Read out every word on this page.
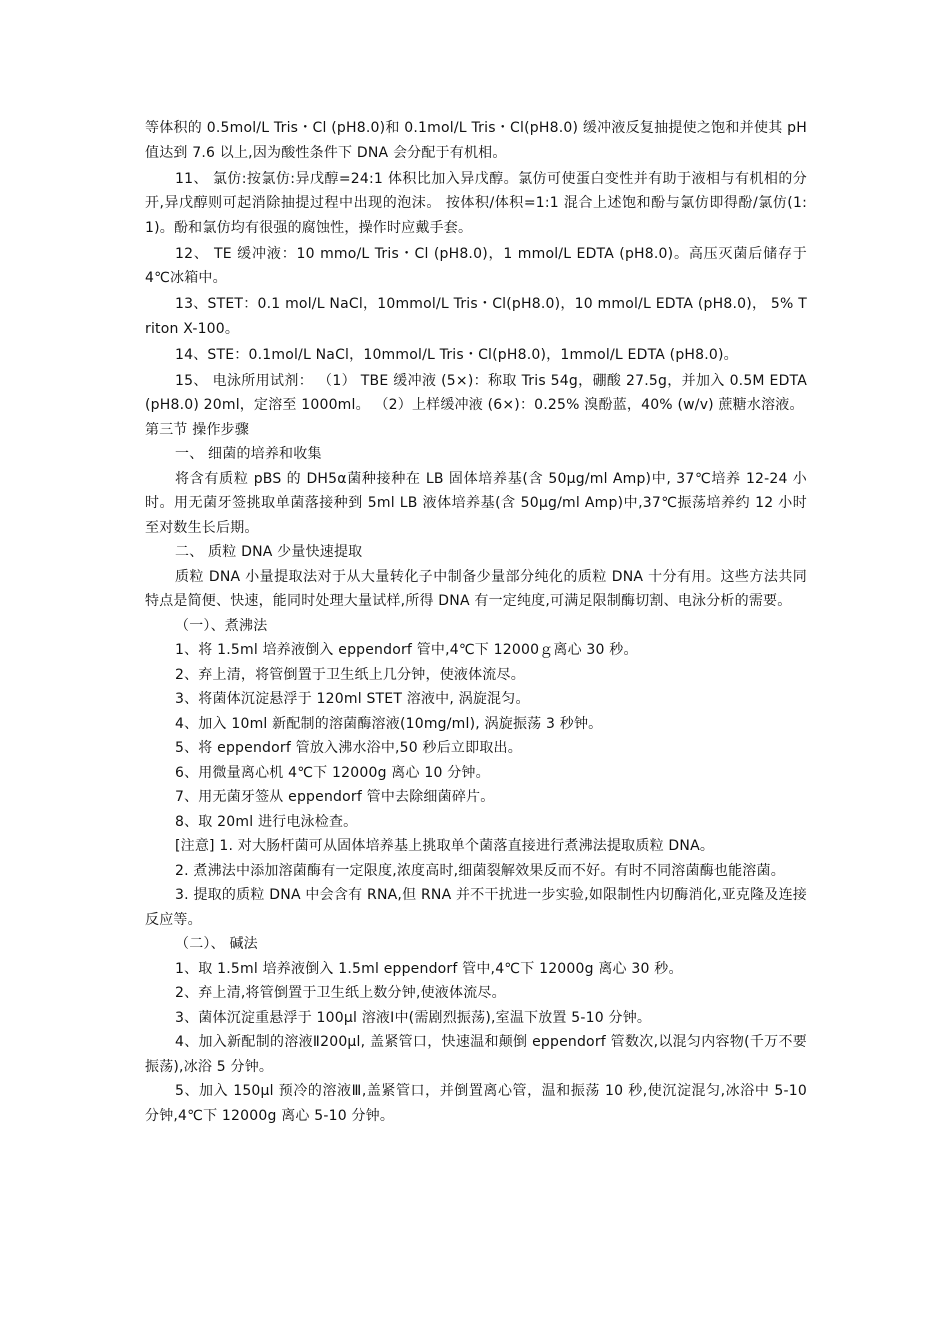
等体积的 0.5mol/L Tris・Cl (pH8.0)和 0.1mol/L Tris・Cl(pH8.0) 缓冲液反复抽提使之饱和并使其 pH 值达到 7.6 以上,因为酸性条件下 DNA 会分配于有机相。

11、 氯仿:按氯仿:异戊醇=24:1 体积比加入异戊醇。氯仿可使蛋白变性并有助于液相与有机相的分开,异戊醇则可起消除抽提过程中出现的泡沫。 按体积/体积=1:1 混合上述饱和酚与氯仿即得酚/氯仿(1:1)。酚和氯仿均有很强的腐蚀性，操作时应戴手套。

12、 TE 缓冲液：10 mmo/L Tris・Cl (pH8.0)，1 mmol/L EDTA (pH8.0)。高压灭菌后储存于 4℃冰箱中。

13、STET：0.1 mol/L NaCl，10mmol/L Tris・Cl(pH8.0)，10 mmol/L EDTA (pH8.0)， 5% Triton X-100。

14、STE：0.1mol/L NaCl，10mmol/L Tris・Cl(pH8.0)，1mmol/L EDTA (pH8.0)。

15、 电泳所用试剂： （1） TBE 缓冲液 (5×)：称取 Tris 54g，硼酸 27.5g，并加入 0.5M EDTA (pH8.0) 20ml，定溶至 1000ml。 （2）上样缓冲液 (6×)：0.25% 溴酚蓝，40% (w/v) 蔗糖水溶液。

第三节 操作步骤

一、 细菌的培养和收集

将含有质粒 pBS 的 DH5α菌种接种在 LB 固体培养基(含 50μg/ml Amp)中, 37℃培养 12-24 小时。用无菌牙签挑取单菌落接种到 5ml LB 液体培养基(含 50μg/ml Amp)中,37℃振荡培养约 12 小时至对数生长后期。

二、 质粒 DNA 少量快速提取

质粒 DNA 小量提取法对于从大量转化子中制备少量部分纯化的质粒 DNA 十分有用。这些方法共同特点是简便、快速，能同时处理大量试样,所得 DNA 有一定纯度,可满足限制酶切割、电泳分析的需要。

（一）、煮沸法

1、将 1.5ml 培养液倒入 eppendorf 管中,4℃下 12000ｇ离心 30 秒。

2、弃上清，将管倒置于卫生纸上几分钟，使液体流尽。

3、将菌体沉淀悬浮于 120ml STET 溶液中, 涡旋混匀。

4、加入 10ml 新配制的溶菌酶溶液(10mg/ml), 涡旋振荡 3 秒钟。

5、将 eppendorf 管放入沸水浴中,50 秒后立即取出。

6、用微量离心机 4℃下 12000g 离心 10 分钟。

7、用无菌牙签从 eppendorf 管中去除细菌碎片。

8、取 20ml 进行电泳检查。

[注意] 1. 对大肠杆菌可从固体培养基上挑取单个菌落直接进行煮沸法提取质粒 DNA。

2. 煮沸法中添加溶菌酶有一定限度,浓度高时,细菌裂解效果反而不好。有时不同溶菌酶也能溶菌。

3. 提取的质粒 DNA 中会含有 RNA,但 RNA 并不干扰进一步实验,如限制性内切酶消化,亚克隆及连接反应等。

（二）、 碱法

1、取 1.5ml 培养液倒入 1.5ml eppendorf 管中,4℃下 12000g 离心 30 秒。

2、弃上清,将管倒置于卫生纸上数分钟,使液体流尽。

3、菌体沉淀重悬浮于 100μl 溶液Ⅰ中(需剧烈振荡),室温下放置 5-10 分钟。

4、加入新配制的溶液Ⅱ200μl, 盖紧管口，快速温和颠倒 eppendorf 管数次,以混匀内容物(千万不要振荡),冰浴 5 分钟。

5、加入 150μl 预冷的溶液Ⅲ,盖紧管口，并倒置离心管，温和振荡 10 秒,使沉淀混匀,冰浴中 5-10 分钟,4℃下 12000g 离心 5-10 分钟。
